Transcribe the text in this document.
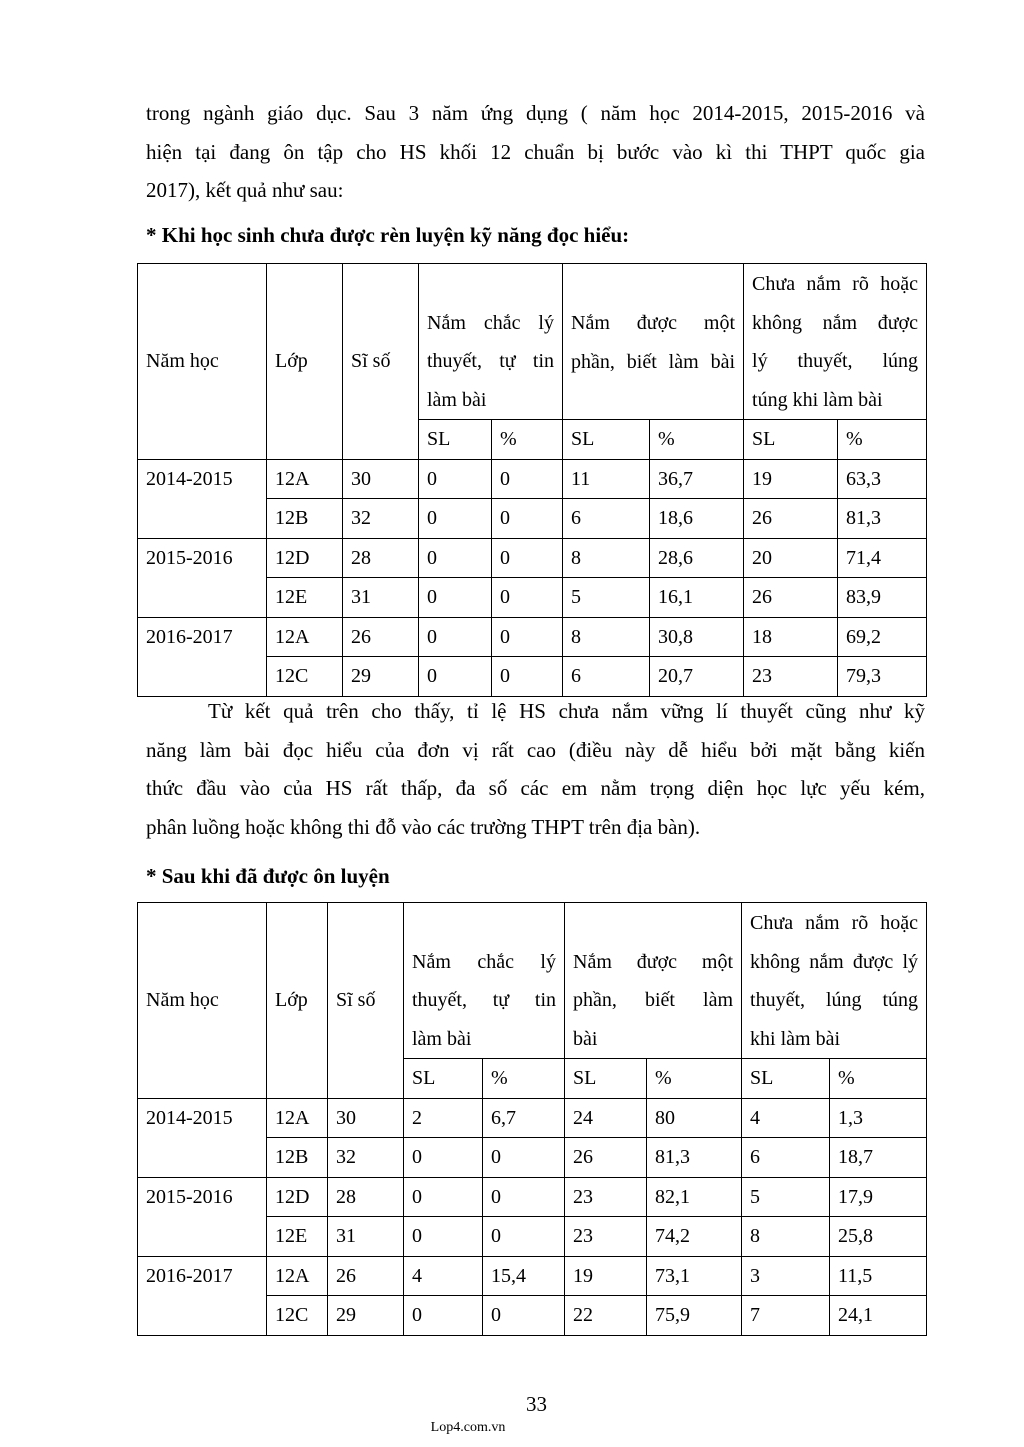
trong ngành giáo dục. Sau 3 năm ứng dụng ( năm học 2014-2015, 2015-2016 và
hiện tại đang ôn tập cho HS khối 12 chuẩn bị bước vào kì thi THPT quốc gia
2017), kết quả như sau:
* Khi học sinh chưa được rèn luyện kỹ năng đọc hiểu:
Năm học	Lớp	Sĩ số	Nắm chắc lý
thuyết, tự tin
làm bài		Nắm được một
phần, biết làm bài		Chưa nắm rõ hoặc
không nắm được
lý thuyết, lúng
túng khi làm bài	

			SL	%	SL	%	SL	%
2014-2015	12A	30	0	0	11	36,7	19	63,3
	12B	32	0	0	6	18,6	26	81,3
2015-2016	12D	28	0	0	8	28,6	20	71,4
	12E	31	0	0	5	16,1	26	83,9
2016-2017	12A	26	0	0	8	30,8	18	69,2
	12C	29	0	0	6	20,7	23	79,3
Từ kết quả trên cho thấy, tỉ lệ HS chưa nắm vững lí thuyết cũng như kỹ
năng làm bài đọc hiểu của đơn vị rất cao (điều này dễ hiểu bởi mặt bằng kiến
thức đầu vào của HS rất thấp, đa số các em nằm trọng diện học lực yếu kém,
phân luồng hoặc không thi đỗ vào các trường THPT trên địa bàn).
* Sau khi đã được ôn luyện
Năm học	Lớp	Sĩ số	Nắm chắc lý
thuyết, tự tin
làm bài		Nắm được một
phần, biết làm
bài		Chưa nắm rõ hoặc
không nắm được lý
thuyết, lúng túng
khi làm bài	

			SL	%	SL	%	SL	%
2014-2015	12A	30	2	6,7	24	80	4	1,3
	12B	32	0	0	26	81,3	6	18,7
2015-2016	12D	28	0	0	23	82,1	5	17,9
	12E	31	0	0	23	74,2	8	25,8
2016-2017	12A	26	4	15,4	19	73,1	3	11,5
	12C	29	0	0	22	75,9	7	24,1
33
Lop4.com.vn
